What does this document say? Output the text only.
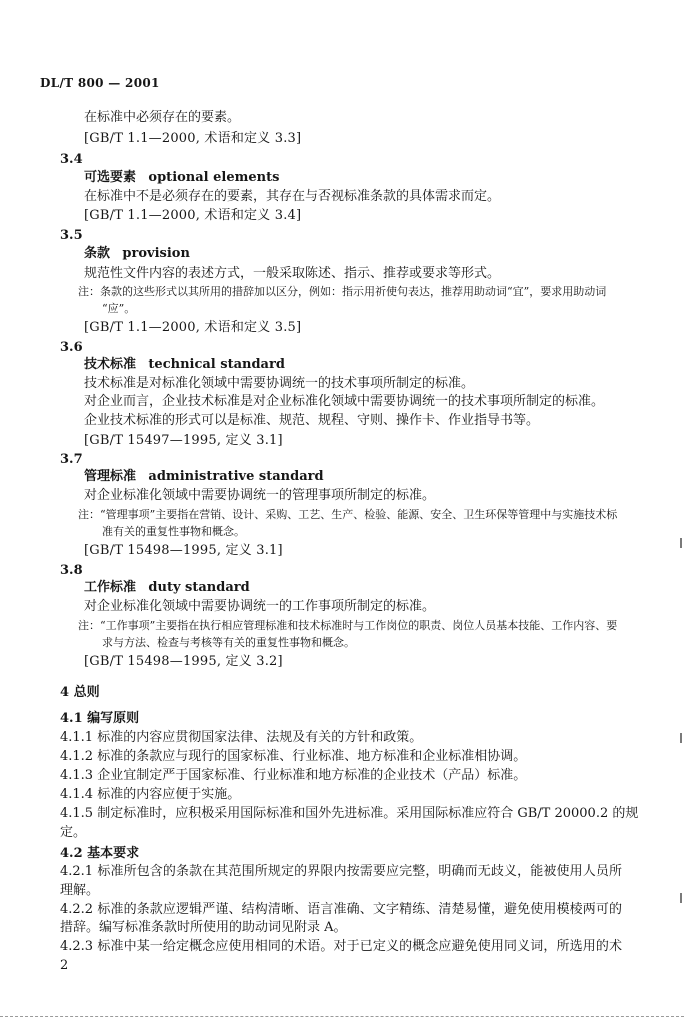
DL/T 800 — 2001
在标准中必须存在的要素。
[GB/T 1.1—2000, 术语和定义 3.3]
3.4
可选要素 optional elements
在标准中不是必须存在的要素，其存在与否视标准条款的具体需求而定。
[GB/T 1.1—2000, 术语和定义 3.4]
3.5
条款 provision
规范性文件内容的表述方式，一般采取陈述、指示、推荐或要求等形式。
注：条款的这些形式以其所用的措辞加以区分，例如：指示用祈使句表达，推荐用助动词“宜”，要求用助动词
“应”。
[GB/T 1.1—2000, 术语和定义 3.5]
3.6
技术标准 technical standard
技术标准是对标准化领域中需要协调统一的技术事项所制定的标准。
对企业而言，企业技术标准是对企业标准化领域中需要协调统一的技术事项所制定的标准。
企业技术标准的形式可以是标准、规范、规程、守则、操作卡、作业指导书等。
[GB/T 15497—1995, 定义 3.1]
3.7
管理标准 administrative standard
对企业标准化领域中需要协调统一的管理事项所制定的标准。
注：“管理事项”主要指在营销、设计、采购、工艺、生产、检验、能源、安全、卫生环保等管理中与实施技术标
准有关的重复性事物和概念。
[GB/T 15498—1995, 定义 3.1]
3.8
工作标准 duty standard
对企业标准化领域中需要协调统一的工作事项所制定的标准。
注：“工作事项”主要指在执行相应管理标准和技术标准时与工作岗位的职责、岗位人员基本技能、工作内容、要
求与方法、检查与考核等有关的重复性事物和概念。
[GB/T 15498—1995, 定义 3.2]
4 总则
4.1 编写原则
4.1.1 标准的内容应贯彻国家法律、法规及有关的方针和政策。
4.1.2 标准的条款应与现行的国家标准、行业标准、地方标准和企业标准相协调。
4.1.3 企业宜制定严于国家标准、行业标准和地方标准的企业技术（产品）标准。
4.1.4 标准的内容应便于实施。
4.1.5 制定标准时，应积极采用国际标准和国外先进标准。采用国际标准应符合 GB/T 20000.2 的规
定。
4.2 基本要求
4.2.1 标准所包含的条款在其范围所规定的界限内按需要应完整，明确而无歧义，能被使用人员所
理解。
4.2.2 标准的条款应逻辑严谨、结构清晰、语言准确、文字精练、清楚易懂，避免使用模棱两可的
措辞。编写标准条款时所使用的助动词见附录 A。
4.2.3 标准中某一给定概念应使用相同的术语。对于已定义的概念应避免使用同义词，所选用的术
2
